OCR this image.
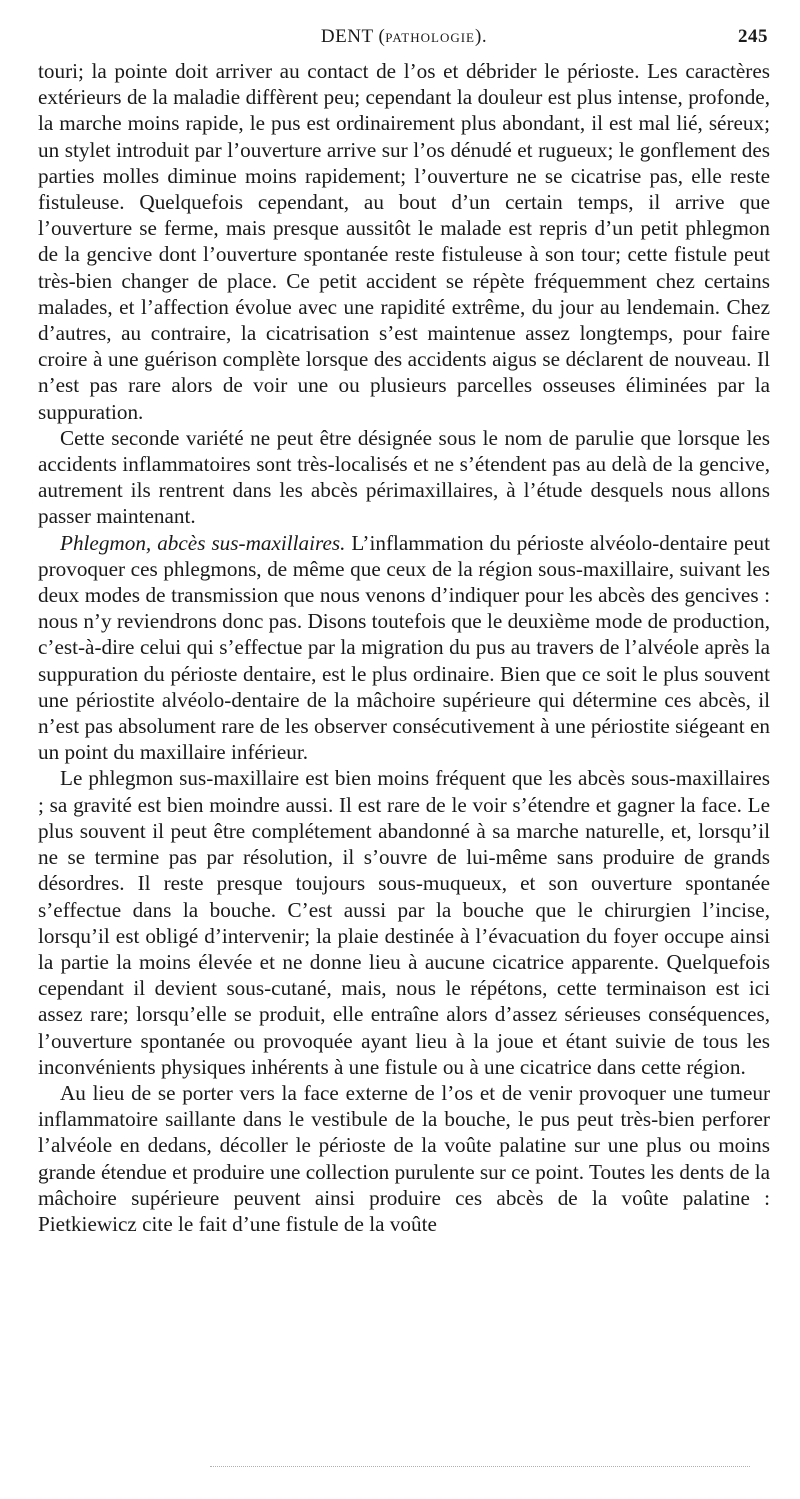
DENT (PATHOLOGIE).	245

touri; la pointe doit arriver au contact de l’os et débrider le périoste. Les caractères extérieurs de la maladie diffèrent peu; cependant la douleur est plus intense, profonde, la marche moins rapide, le pus est ordinairement plus abondant, il est mal lié, séreux; un stylet introduit par l’ouverture arrive sur l’os dénudé et rugueux; le gonflement des parties molles diminue moins rapidement; l’ouverture ne se cicatrise pas, elle reste fistuleuse. Quelquefois cependant, au bout d’un certain temps, il arrive que l’ouverture se ferme, mais presque aussitôt le malade est repris d’un petit phlegmon de la gencive dont l’ouverture spontanée reste fistuleuse à son tour; cette fistule peut très-bien changer de place. Ce petit accident se répète fréquemment chez certains malades, et l’affection évolue avec une rapidité extrême, du jour au lendemain. Chez d’autres, au contraire, la cicatrisation s’est maintenue assez longtemps, pour faire croire à une guérison complète lorsque des accidents aigus se déclarent de nouveau. Il n’est pas rare alors de voir une ou plusieurs parcelles osseuses éliminées par la suppuration.

Cette seconde variété ne peut être désignée sous le nom de parulie que lorsque les accidents inflammatoires sont très-localisés et ne s’étendent pas au delà de la gencive, autrement ils rentrent dans les abcès périmaxillaires, à l’étude desquels nous allons passer maintenant.

Phlegmon, abcès sus-maxillaires. L’inflammation du périoste alvéolo-dentaire peut provoquer ces phlegmons, de même que ceux de la région sous-maxillaire, suivant les deux modes de transmission que nous venons d’indiquer pour les abcès des gencives : nous n’y reviendrons donc pas. Disons toutefois que le deuxième mode de production, c’est-à-dire celui qui s’effectue par la migration du pus au travers de l’alvéole après la suppuration du périoste dentaire, est le plus ordinaire. Bien que ce soit le plus souvent une périostite alvéolo-dentaire de la mâchoire supérieure qui détermine ces abcès, il n’est pas absolument rare de les observer consécutivement à une périostite siégeant en un point du maxillaire inférieur.

Le phlegmon sus-maxillaire est bien moins fréquent que les abcès sous-maxillaires ; sa gravité est bien moindre aussi. Il est rare de le voir s’étendre et gagner la face. Le plus souvent il peut être complétement abandonné à sa marche naturelle, et, lorsqu’il ne se termine pas par résolution, il s’ouvre de lui-même sans produire de grands désordres. Il reste presque toujours sous-muqueux, et son ouverture spontanée s’effectue dans la bouche. C’est aussi par la bouche que le chirurgien l’incise, lorsqu’il est obligé d’intervenir; la plaie destinée à l’évacuation du foyer occupe ainsi la partie la moins élevée et ne donne lieu à aucune cicatrice apparente. Quelquefois cependant il devient sous-cutané, mais, nous le répétons, cette terminaison est ici assez rare; lorsqu’elle se produit, elle entraîne alors d’assez sérieuses conséquences, l’ouverture spontanée ou provoquée ayant lieu à la joue et étant suivie de tous les inconvénients physiques inhérents à une fistule ou à une cicatrice dans cette région.

Au lieu de se porter vers la face externe de l’os et de venir provoquer une tumeur inflammatoire saillante dans le vestibule de la bouche, le pus peut très-bien perforer l’alvéole en dedans, décoller le périoste de la voûte palatine sur une plus ou moins grande étendue et produire une collection purulente sur ce point. Toutes les dents de la mâchoire supérieure peuvent ainsi produire ces abcès de la voûte palatine : Pietkiewicz cite le fait d’une fistule de la voûte
